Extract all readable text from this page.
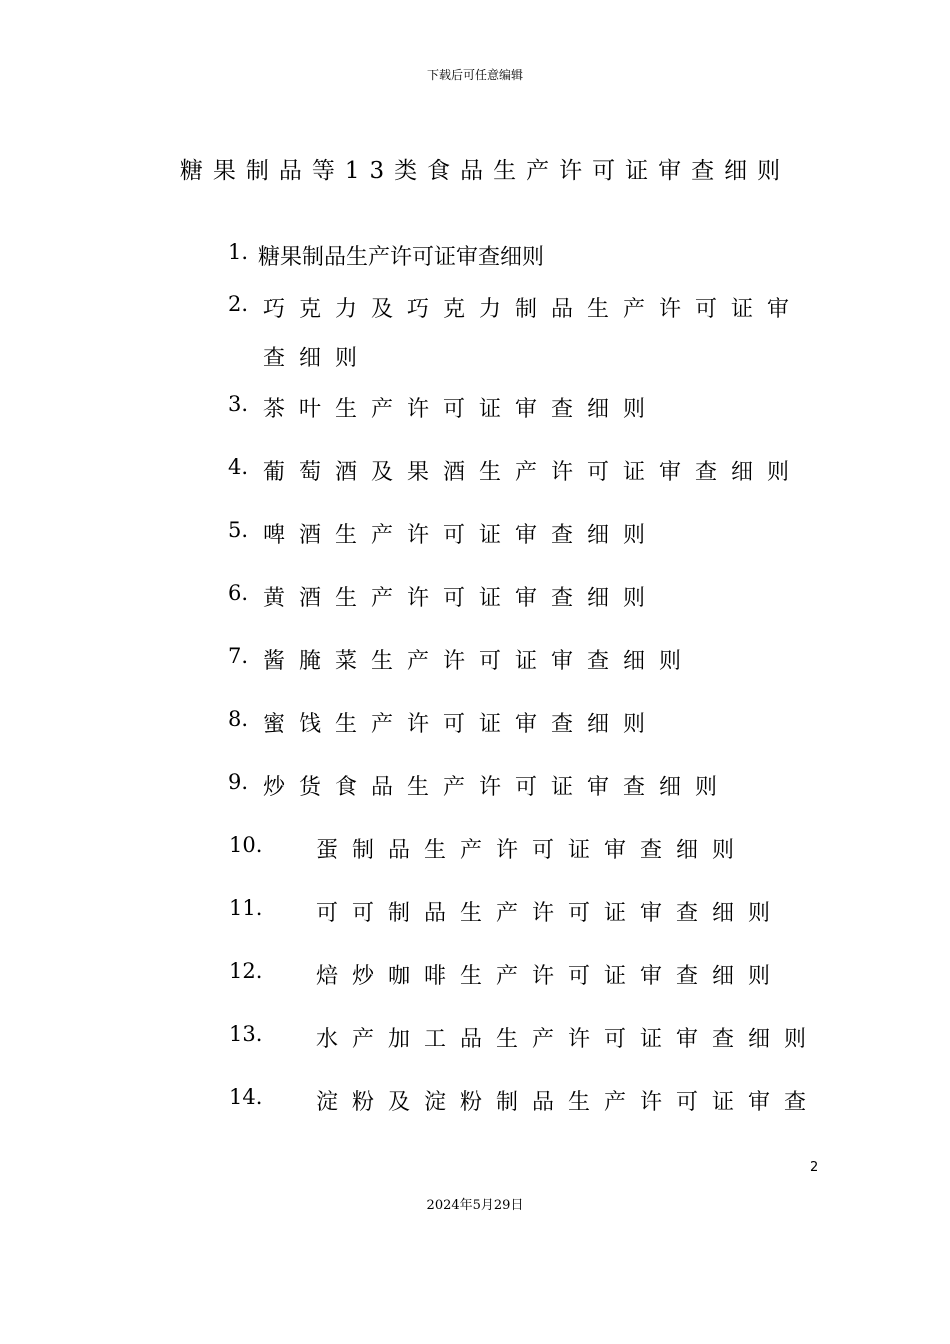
下载后可任意编辑
糖果制品等13类食品生产许可证审查细则
1. 糖果制品生产许可证审查细则
2. 巧克力及巧克力制品生产许可证审
查细则
3. 茶叶生产许可证审查细则
4. 葡萄酒及果酒生产许可证审查细则
5. 啤酒生产许可证审查细则
6. 黄酒生产许可证审查细则
7. 酱腌菜生产许可证审查细则
8. 蜜饯生产许可证审查细则
9. 炒货食品生产许可证审查细则
10. 蛋制品生产许可证审查细则
11. 可可制品生产许可证审查细则
12. 焙炒咖啡生产许可证审查细则
13. 水产加工品生产许可证审查细则
14. 淀粉及淀粉制品生产许可证审查
2
2024年5月29日
